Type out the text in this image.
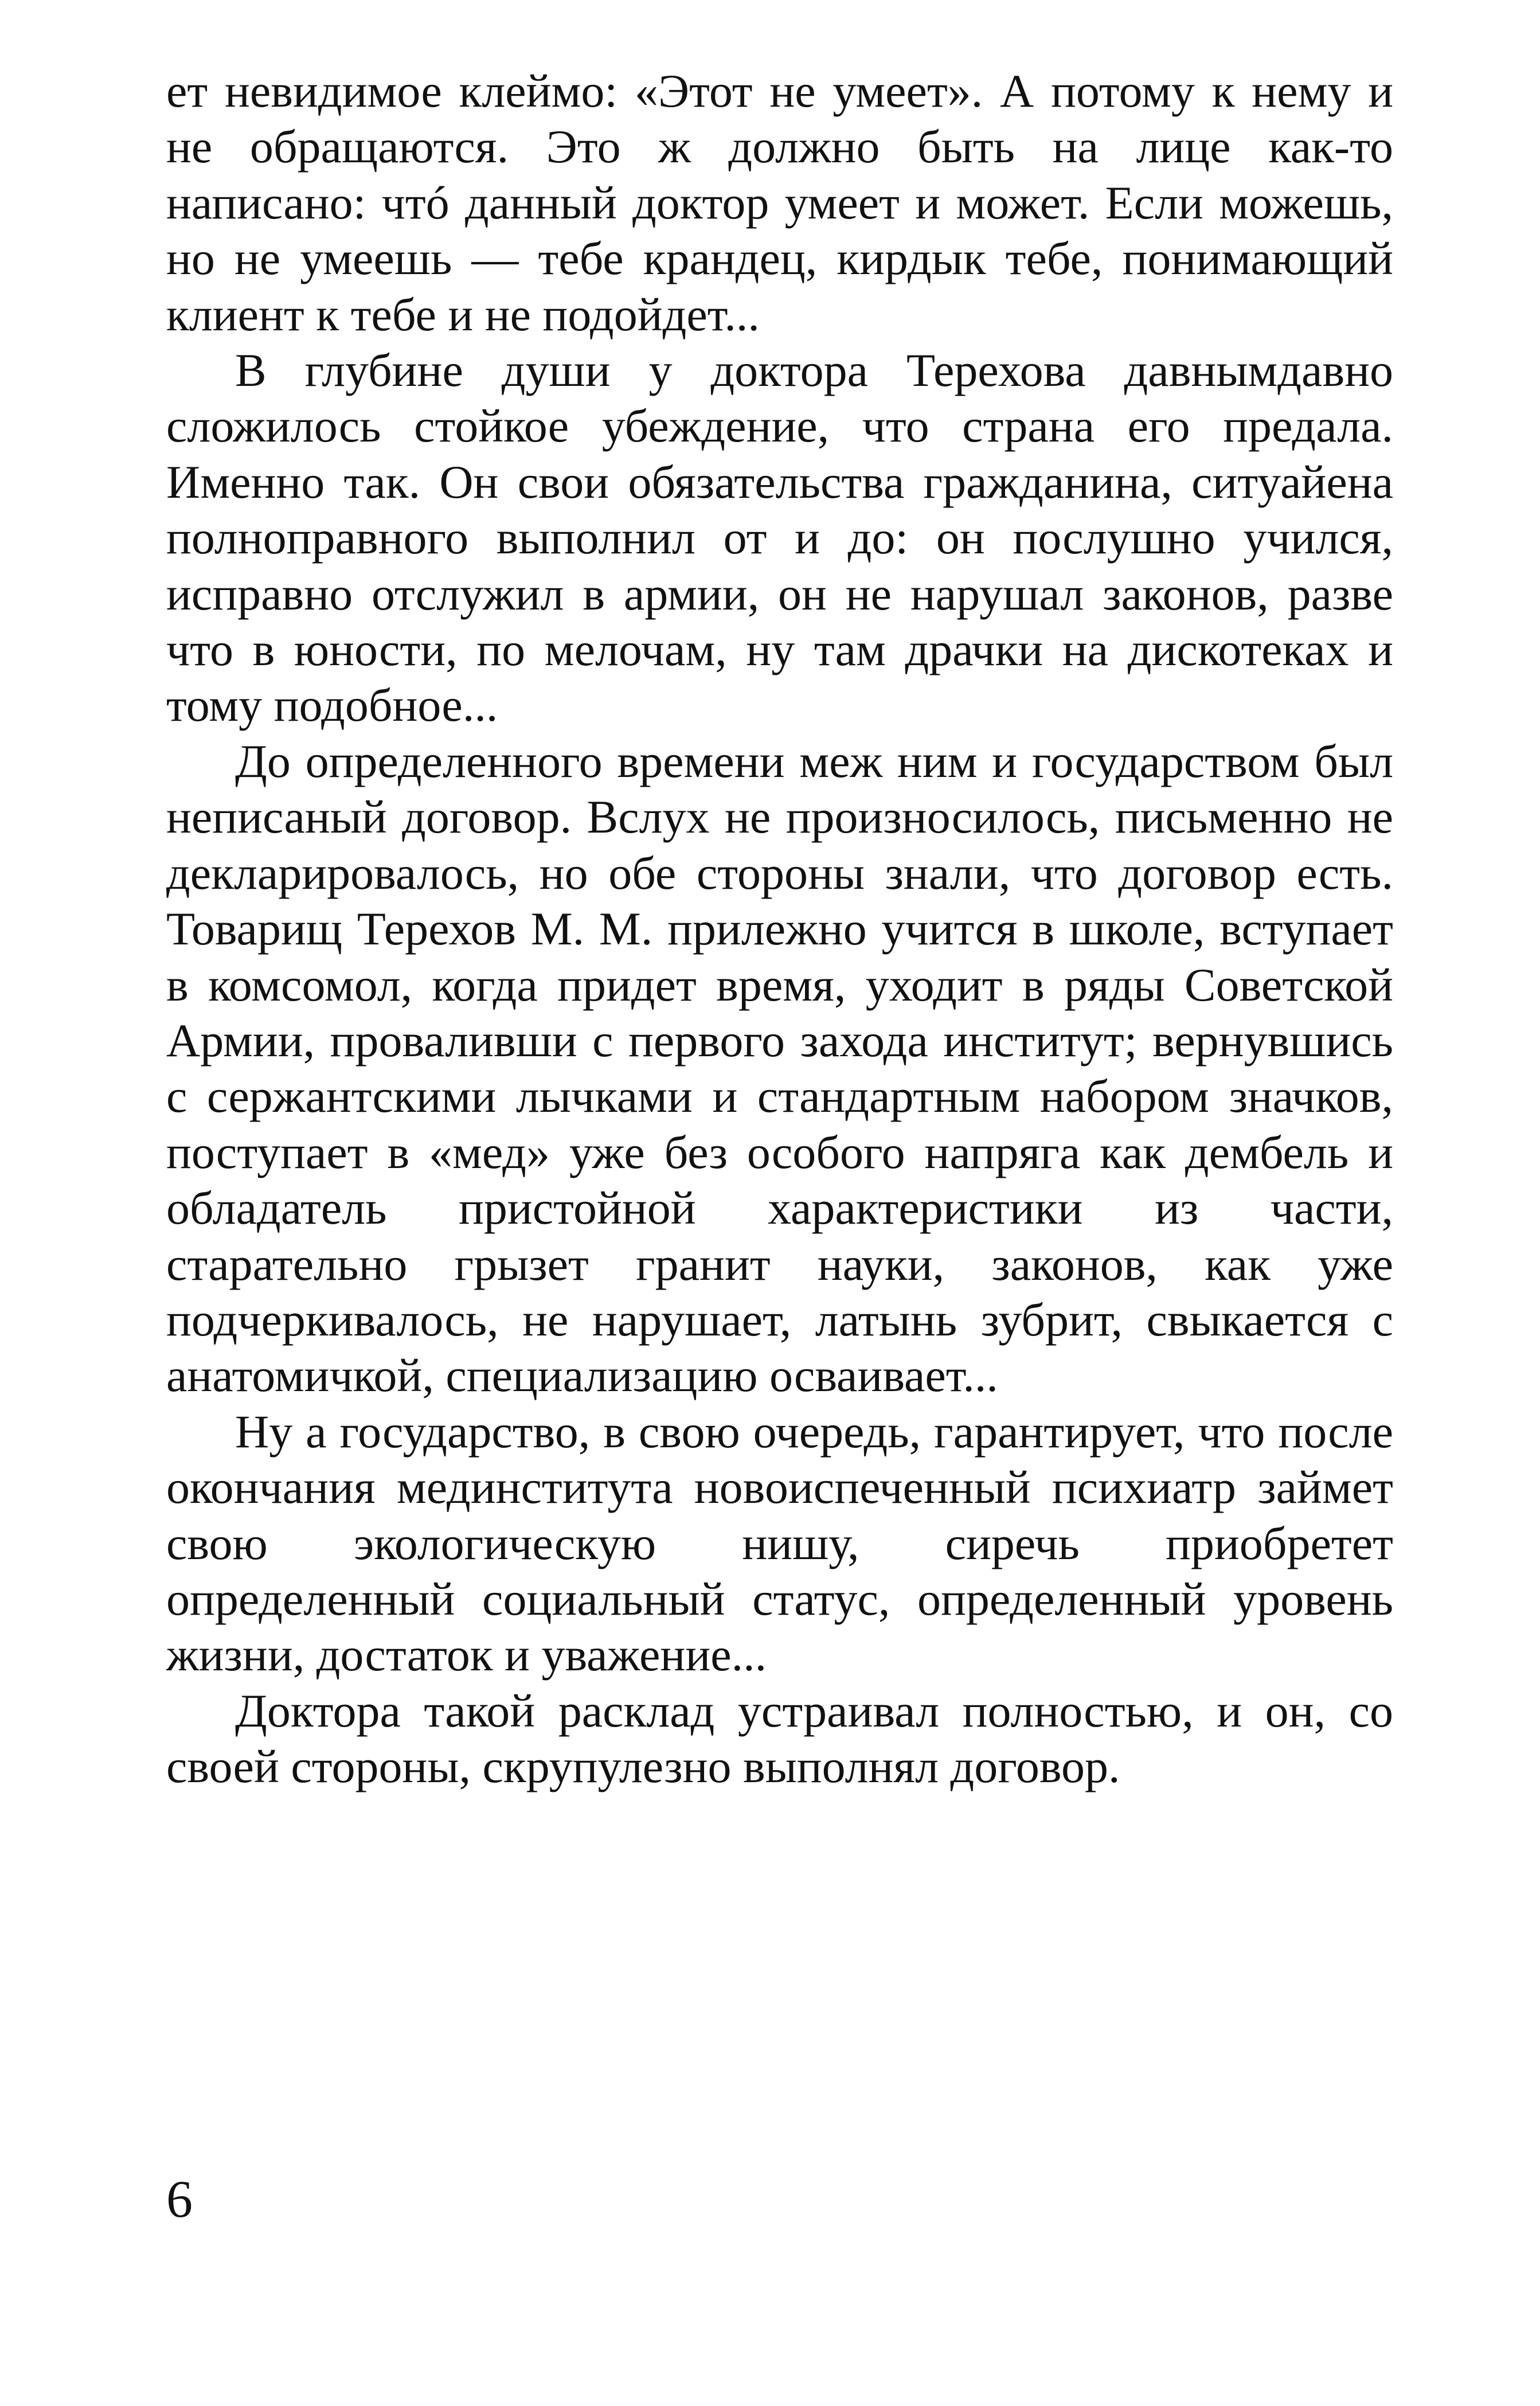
ет невидимое клеймо: «Этот не умеет». А потому к нему и не обращаются. Это ж должно быть на лице как-то написано: чтó данный доктор умеет и может. Если можешь, но не умеешь — тебе крандец, кирдык тебе, понимающий клиент к тебе и не подойдет...

В глубине души у доктора Терехова давнымдавно сложилось стойкое убеждение, что страна его предала. Именно так. Он свои обязательства гражданина, ситуайена полноправного выполнил от и до: он послушно учился, исправно отслужил в армии, он не нарушал законов, разве что в юности, по мелочам, ну там драчки на дискотеках и тому подобное...

До определенного времени меж ним и государством был неписаный договор. Вслух не произносилось, письменно не декларировалось, но обе стороны знали, что договор есть. Товарищ Терехов М. М. прилежно учится в школе, вступает в комсомол, когда придет время, уходит в ряды Советской Армии, проваливши с первого захода институт; вернувшись с сержантскими лычками и стандартным набором значков, поступает в «мед» уже без особого напряга как дембель и обладатель пристойной характеристики из части, старательно грызет гранит науки, законов, как уже подчеркивалось, не нарушает, латынь зубрит, свыкается с анатомичкой, специализацию осваивает...

Ну а государство, в свою очередь, гарантирует, что после окончания мединститута новоиспеченный психиатр займет свою экологическую нишу, сиречь приобретет определенный социальный статус, определенный уровень жизни, достаток и уважение...

Доктора такой расклад устраивал полностью, и он, со своей стороны, скрупулезно выполнял договор.

6
